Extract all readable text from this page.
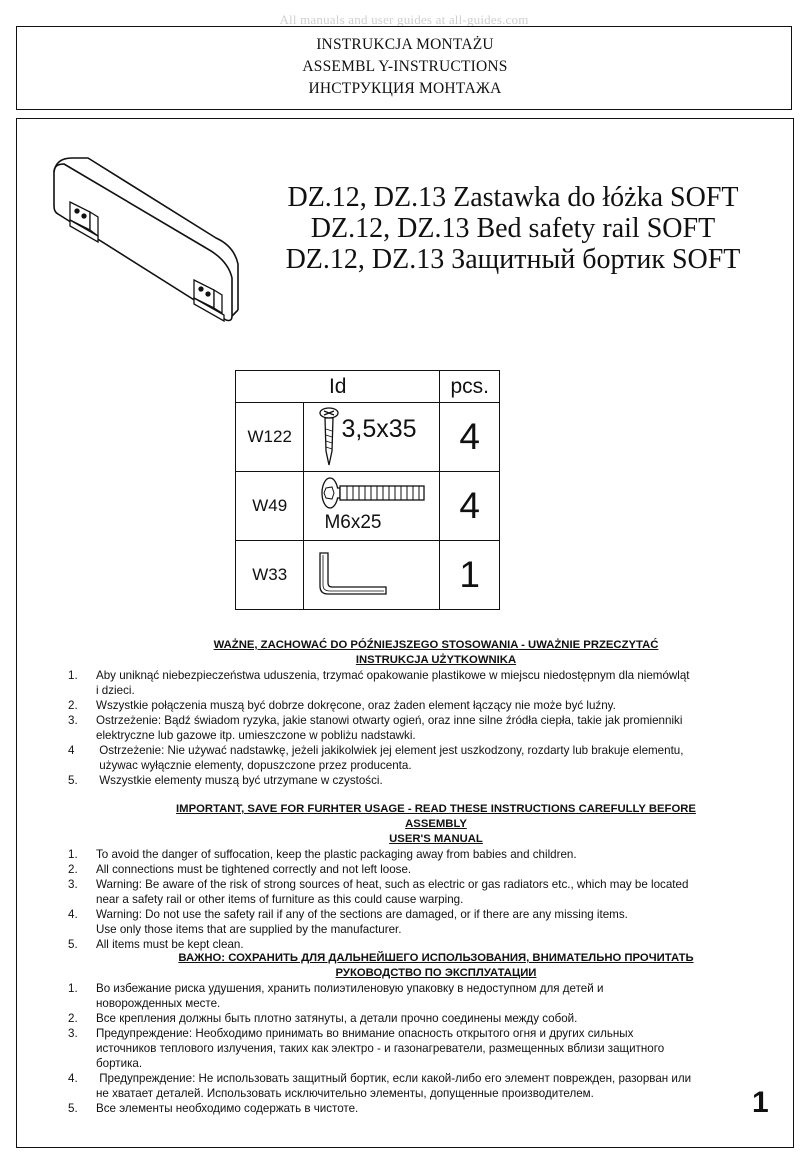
All manuals and user guides at all-guides.com
INSTRUKCJA MONTAŻU
ASSEMBL Y-INSTRUCTIONS
ИНСТРУКЦИЯ МОНТАЖА
DZ.12, DZ.13 Zastawka do łóżka SOFT
DZ.12, DZ.13 Bed safety rail SOFT
DZ.12, DZ.13 Защитный бортик SOFT
Id		pcs.
W122	3,5x35	4
W49	M6x25	4
W33		1
WAŻNE, ZACHOWAĆ DO PÓŹNIEJSZEGO STOSOWANIA - UWAŻNIE PRZECZYTAĆ
INSTRUKCJA UŻYTKOWNIKA
1.	Aby uniknąć niebezpieczeństwa uduszenia, trzymać opakowanie plastikowe w miejscu niedostępnym dla niemówląt
i dzieci.
2.	Wszystkie połączenia muszą być dobrze dokręcone, oraz żaden element łączący nie może być luźny.
3.	Ostrzeżenie: Bądź świadom ryzyka, jakie stanowi otwarty ogień, oraz inne silne źródła ciepła, takie jak promienniki
elektryczne lub gazowe itp. umieszczone w pobliżu nadstawki.
4	Ostrzeżenie: Nie używać nadstawkę, jeżeli jakikolwiek jej element jest uszkodzony, rozdarty lub brakuje elementu,
używac wyłącznie elementy, dopuszczone przez producenta.
5.	Wszystkie elementy muszą być utrzymane w czystości.
IMPORTANT, SAVE FOR FURHTER USAGE - READ THESE INSTRUCTIONS CAREFULLY BEFORE ASSEMBLY
USER'S MANUAL
1.	To avoid the danger of suffocation, keep the plastic packaging away from babies and children.
2.	All connections must be tightened correctly and not left loose.
3.	Warning: Be aware of the risk of strong sources of heat, such as electric or gas radiators etc., which may be located
near a safety rail or other items of furniture as this could cause warping.
4.	Warning: Do not use the safety rail if any of the sections are damaged, or if there are any missing items.
Use only those items that are supplied by the manufacturer.
5.	All items must be kept clean.
ВАЖНО: СОХРАНИТЬ ДЛЯ ДАЛЬНЕЙШЕГО ИСПОЛЬЗОВАНИЯ, ВНИМАТЕЛЬНО ПРОЧИТАТЬ
РУКОВОДСТВО ПО ЭКСПЛУАТАЦИИ
1.	Во избежание риска удушения, хранить полиэтиленовую упаковку в недоступном для детей и
новорожденных месте.
2.	Все крепления должны быть плотно затянуты, а детали прочно соединены между собой.
3.	Предупреждение: Необходимо принимать во внимание опасность открытого огня и других сильных
источников теплового излучения, таких как электро - и газонагреватели, размещенных вблизи защитного
бортика.
4.	Предупреждение: Не использовать защитный бортик, если какой-либо его элемент поврежден, разорван или
не хватает деталей. Использовать исключительно элементы, допущенные производителем.
5.	Все элементы необходимо содержать в чистоте.	1
